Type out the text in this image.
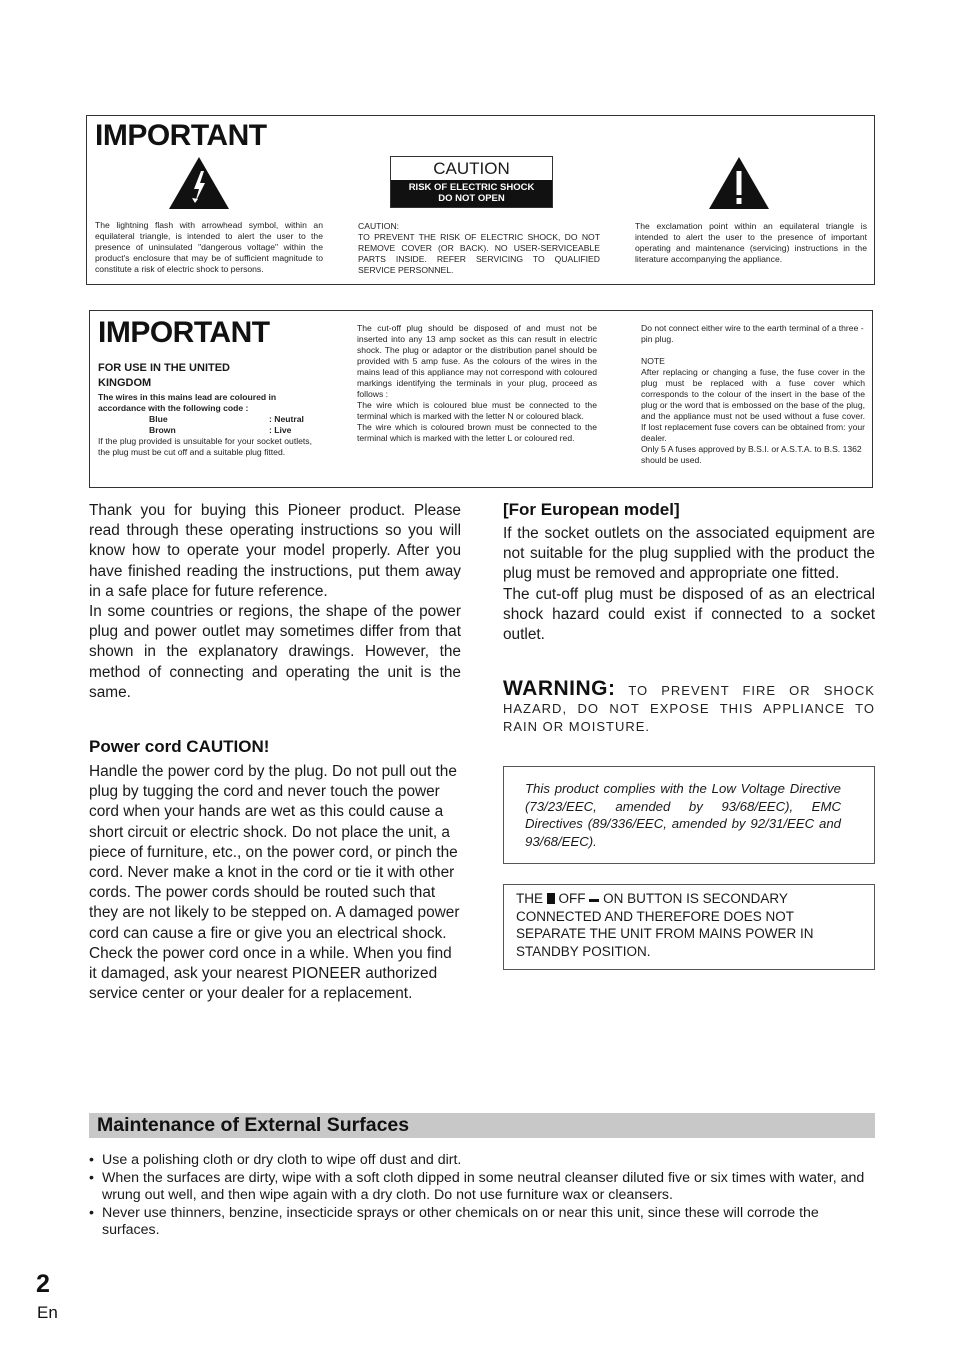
IMPORTANT
CAUTION
RISK OF ELECTRIC SHOCK
DO NOT OPEN
The lightning flash with arrowhead symbol, within an equilateral triangle, is intended to alert the user to the presence of uninsulated "dangerous voltage" within the product's enclosure that may be of sufficient magnitude to constitute a risk of electric shock to persons.
CAUTION:
TO PREVENT THE RISK OF ELECTRIC SHOCK, DO NOT REMOVE COVER (OR BACK). NO USER-SERVICEABLE PARTS INSIDE. REFER SERVICING TO QUALIFIED SERVICE PERSONNEL.
The exclamation point within an equilateral triangle is intended to alert the user to the presence of important operating and maintenance (servicing) instructions in the literature accompanying the appliance.
IMPORTANT
FOR USE IN THE UNITED KINGDOM
The wires in this mains lead are coloured in accordance with the following code :
Blue	: Neutral
Brown	: Live
If the plug provided is unsuitable for your socket outlets, the plug must be cut off and a suitable plug fitted.
The cut-off plug should be disposed of and must not be inserted into any 13 amp socket as this can result in electric shock. The plug or adaptor or the distribution panel should be provided with 5 amp fuse. As the colours of the wires in the mains lead of this appliance may not correspond with coloured markings identifying the terminals in your plug, proceed as follows :
The wire which is coloured blue must be connected to the terminal which is marked with the letter N or coloured black.
The wire which is coloured brown must be connected to the terminal which is marked with the letter L or coloured red.
Do not connect either wire to the earth terminal of a three - pin plug.
NOTE
After replacing or changing a fuse, the fuse cover in the plug must be replaced with a fuse cover which corresponds to the colour of the insert in the base of the plug or the word that is embossed on the base of the plug, and the appliance must not be used without a fuse cover. If lost replacement fuse covers can be obtained from: your dealer.
Only 5 A fuses approved by B.S.I. or A.S.T.A. to B.S. 1362 should be used.

Thank you for buying this Pioneer product. Please read through these operating instructions so you will know how to operate your model properly. After you have finished reading the instructions, put them away in a safe place for future reference.

In some countries or regions, the shape of the power plug and power outlet may sometimes differ from that shown in the explanatory drawings. However, the method of connecting and operating the unit is the same.

Power cord CAUTION!
Handle the power cord by the plug. Do not pull out the plug by tugging the cord and never touch the power cord when your hands are wet as this could cause a short circuit or electric shock. Do not place the unit, a piece of furniture, etc., on the power cord, or pinch the cord. Never make a knot in the cord or tie it with other cords. The power cords should be routed such that they are not likely to be stepped on. A damaged power cord can cause a fire or give you an electrical shock. Check the power cord once in a while. When you find it damaged, ask your nearest PIONEER authorized service center or your dealer for a replacement.
[For European model]

If the socket outlets on the associated equipment are not suitable for the plug supplied with the product the plug must be removed and appropriate one fitted.

The cut-off plug must be disposed of as an electrical shock hazard could exist if connected to a socket outlet.

WARNING: TO PREVENT FIRE OR SHOCK HAZARD, DO NOT EXPOSE THIS APPLIANCE TO RAIN OR MOISTURE.
This product complies with the Low Voltage Directive (73/23/EEC, amended by 93/68/EEC), EMC Directives (89/336/EEC, amended by 92/31/EEC and 93/68/EEC).
THE OFF ON BUTTON IS SECONDARY CONNECTED AND THEREFORE DOES NOT SEPARATE THE UNIT FROM MAINS POWER IN STANDBY POSITION.
Maintenance of External Surfaces
• Use a polishing cloth or dry cloth to wipe off dust and dirt.
• When the surfaces are dirty, wipe with a soft cloth dipped in some neutral cleanser diluted five or six times with water, and wrung out well, and then wipe again with a dry cloth. Do not use furniture wax or cleansers.
• Never use thinners, benzine, insecticide sprays or other chemicals on or near this unit, since these will corrode the surfaces.
2
En
